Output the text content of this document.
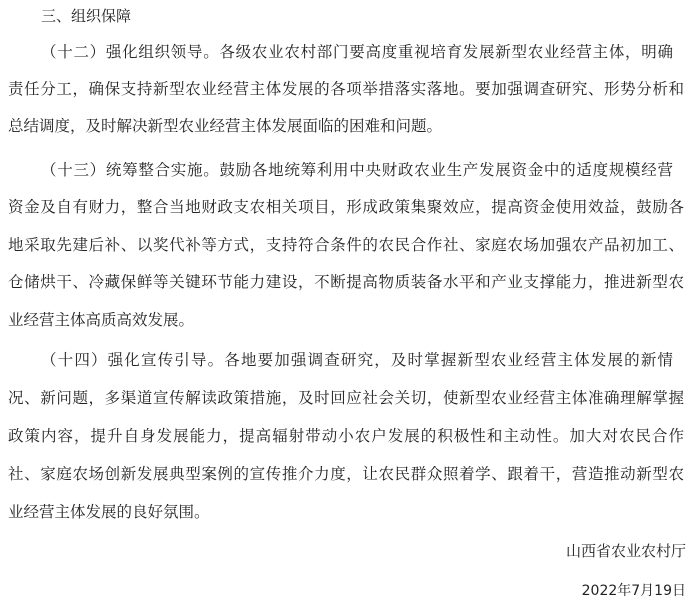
三、组织保障
（十二）强化组织领导。各级农业农村部门要高度重视培育发展新型农业经营主体，明确
责任分工，确保支持新型农业经营主体发展的各项举措落实落地。要加强调查研究、形势分析和
总结调度，及时解决新型农业经营主体发展面临的困难和问题。
（十三）统筹整合实施。鼓励各地统筹利用中央财政农业生产发展资金中的适度规模经营
资金及自有财力，整合当地财政支农相关项目，形成政策集聚效应，提高资金使用效益，鼓励各
地采取先建后补、以奖代补等方式，支持符合条件的农民合作社、家庭农场加强农产品初加工、
仓储烘干、冷藏保鲜等关键环节能力建设，不断提高物质装备水平和产业支撑能力，推进新型农
业经营主体高质高效发展。
（十四）强化宣传引导。各地要加强调查研究，及时掌握新型农业经营主体发展的新情
况、新问题，多渠道宣传解读政策措施，及时回应社会关切，使新型农业经营主体准确理解掌握
政策内容，提升自身发展能力，提高辐射带动小农户发展的积极性和主动性。加大对农民合作
社、家庭农场创新发展典型案例的宣传推介力度，让农民群众照着学、跟着干，营造推动新型农
业经营主体发展的良好氛围。
山西省农业农村厅
2022年7月19日
